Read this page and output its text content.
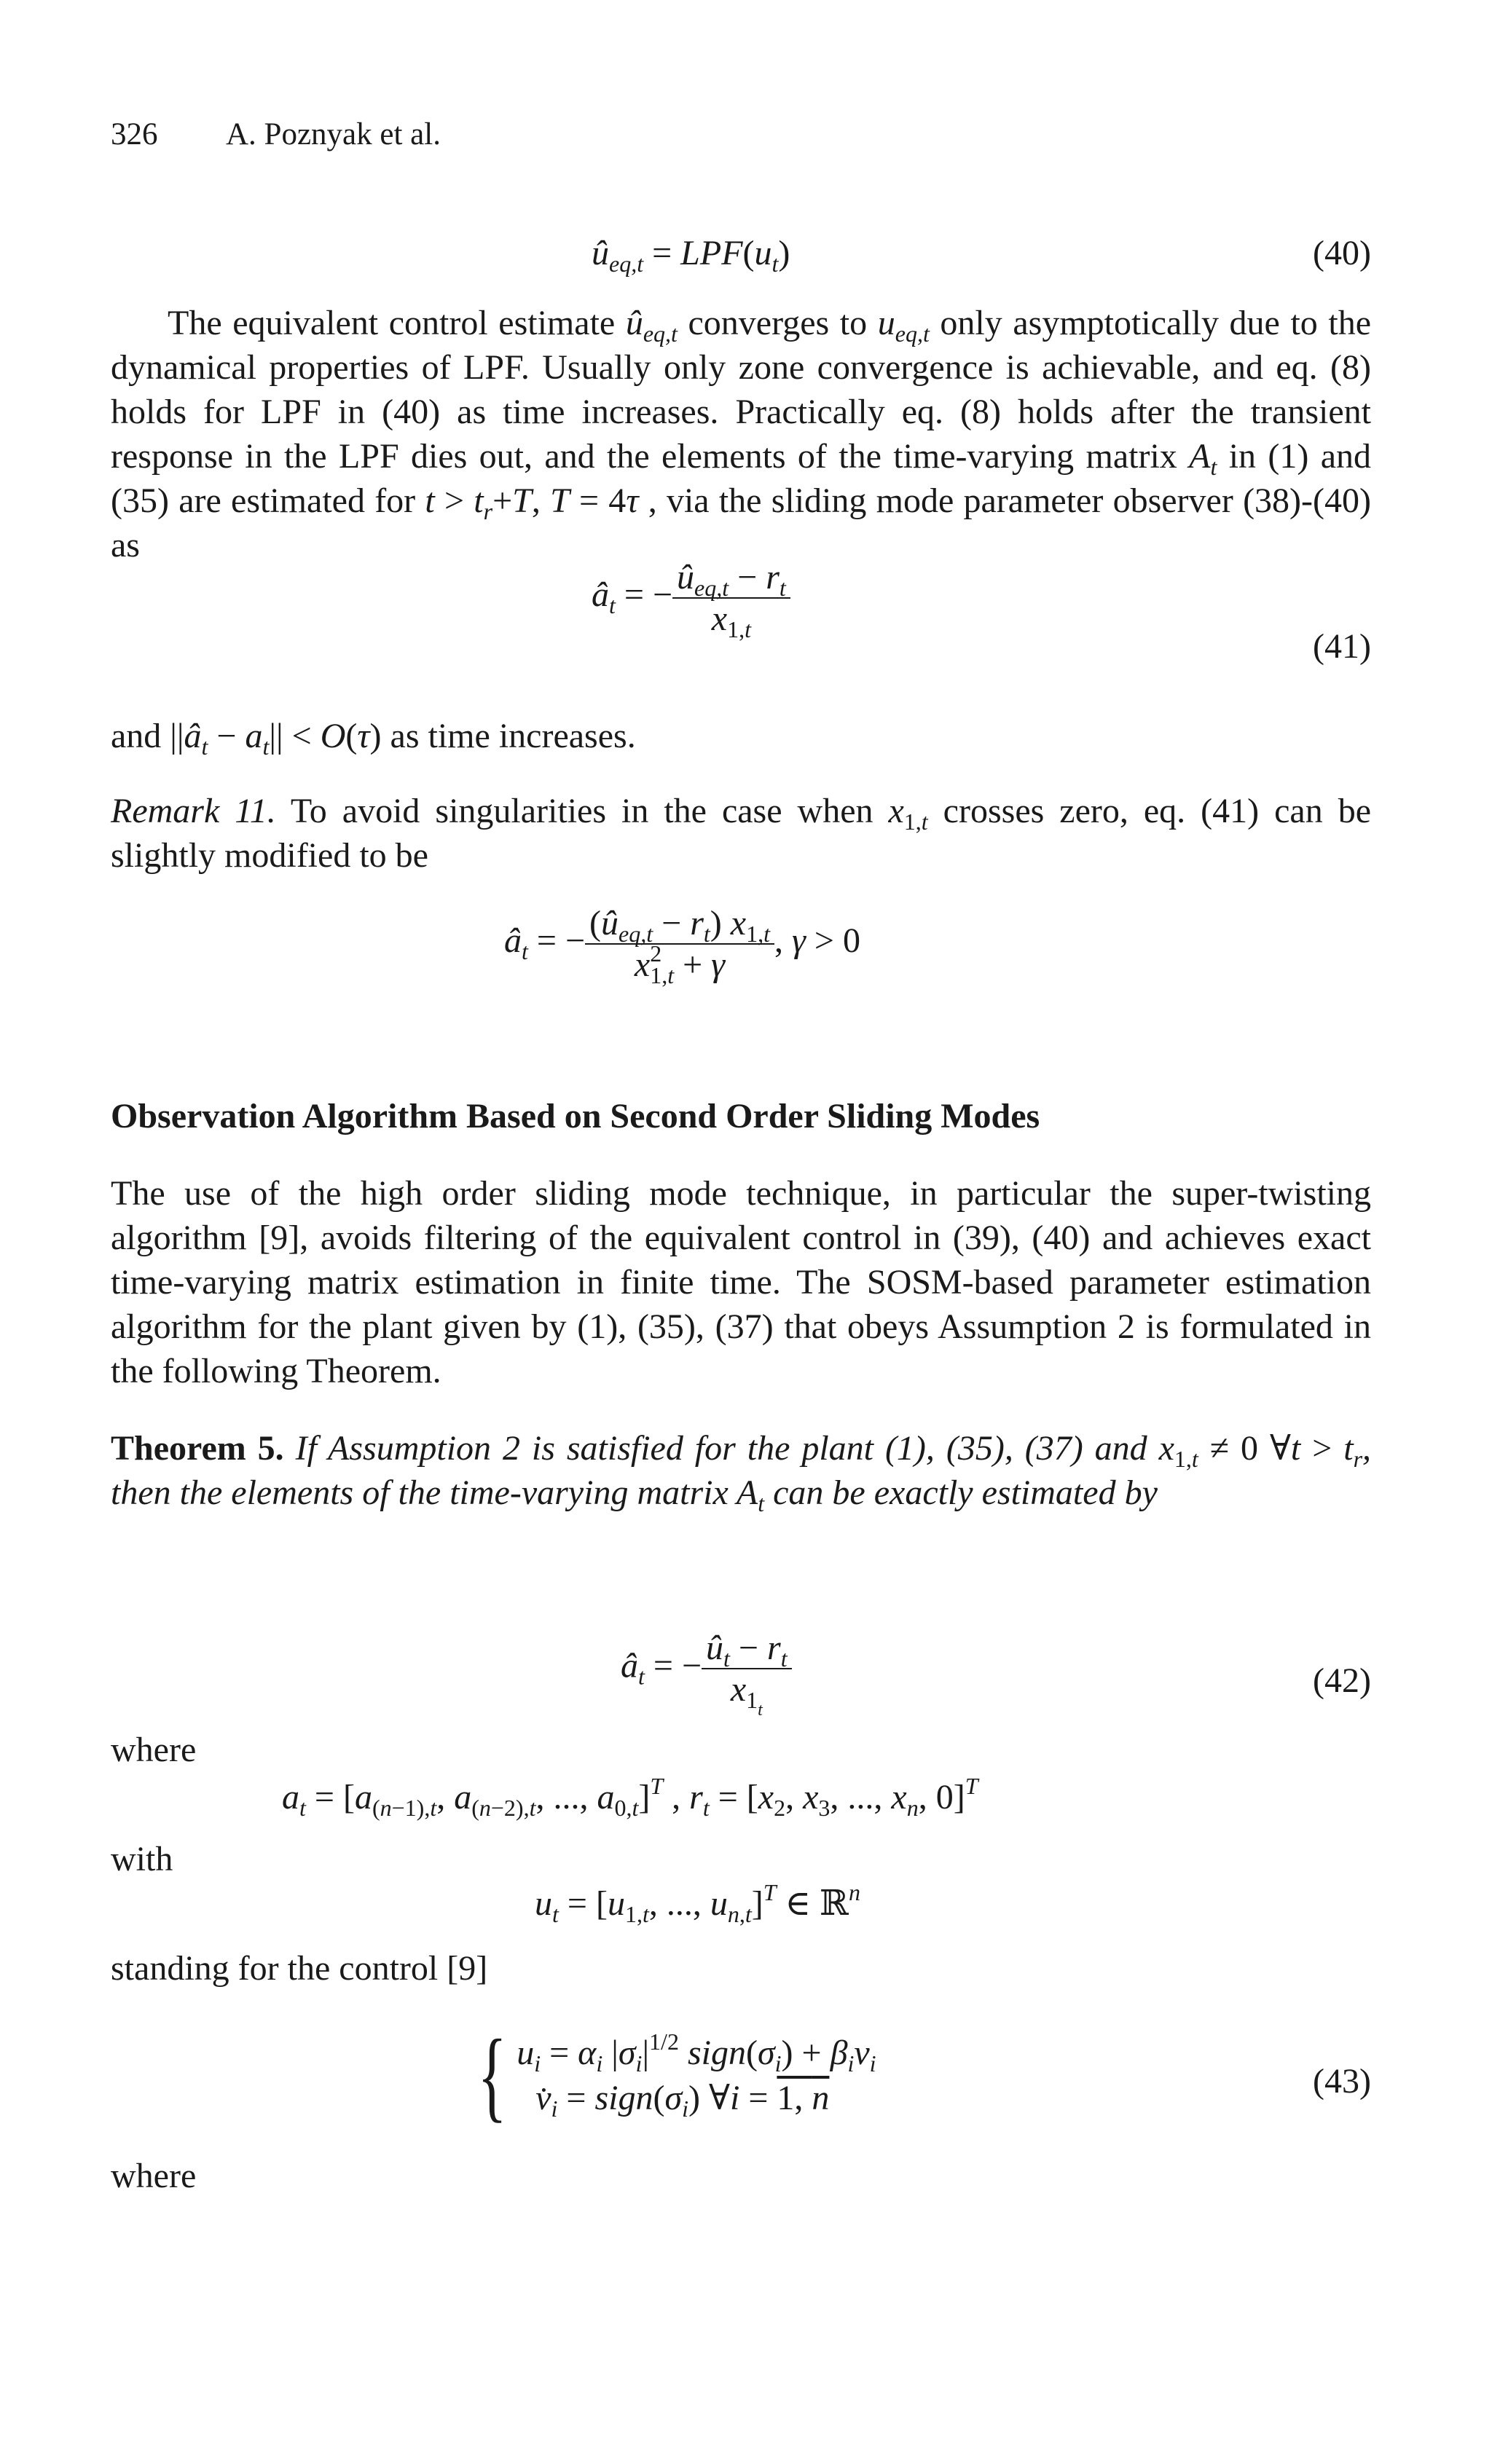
326 A. Poznyak et al.
$û_{eq,t} = LPF(u_t)$	(40)
The equivalent control estimate $û_{eq,t}$ converges to $u_{eq,t}$ only asymptotically due to the dynamical properties of LPF. Usually only zone convergence is achievable, and eq. (8) holds for LPF in (40) as time increases. Practically eq. (8) holds after the transient response in the LPF dies out, and the elements of the time-varying matrix $A_t$ in (1) and (35) are estimated for $t > t_r+T$, T = 4τ , via the sliding mode parameter observer (38)-(40) as
$â_t$ = − $\frac{û_{eq,t} - r_t}{x_{1,t}}$
(41)
and $||â_t - a_t|| < O(\tau)$ as time increases.
Remark 11. To avoid singularities in the case when $x_{1,t}$ crosses zero, eq. (41) can be slightly modified to be
$â_t$ = − $\frac{(û_{eq,t} - r_t) x_{1,t}}{x^2_{1,t} + \gamma}$ , γ > 0
Observation Algorithm Based on Second Order Sliding Modes
The use of the high order sliding mode technique, in particular the super-twisting algorithm [9], avoids filtering of the equivalent control in (39), (40) and achieves exact time-varying matrix estimation in finite time. The SOSM-based parameter estimation algorithm for the plant given by (1), (35), (37) that obeys Assumption 2 is formulated in the following Theorem.
Theorem 5. If Assumption 2 is satisfied for the plant (1), (35), (37) and $x_{1,t} \ne 0$ ∀t > $t_r$, then the elements of the time-varying matrix $A_t$ can be exactly estimated by
$â_t$ = − $\frac{û_t - r_t}{x_{1_t}}$	(42)
where
$a_t = [a_{(n-1),t}$, $a_{(n-2),t}$, ..., $a_{0,t}]^T$ , $r_t = [x_2$, $x_3$, ..., $x_n$, 0]$^T$
with
$u_t = [u_{1,t}$, ..., $u_{n,t}]^T$ ∈ ℝ$^n$
standing for the control [9]
{ $u_i = \alpha_i$ $|\sigma_i|^{1/2}$ $sign(\sigma_i) + \beta_iv_i$
$v̇_i$ = $sign(\sigma_i)$ ∀i = 1, n	(43)
where
